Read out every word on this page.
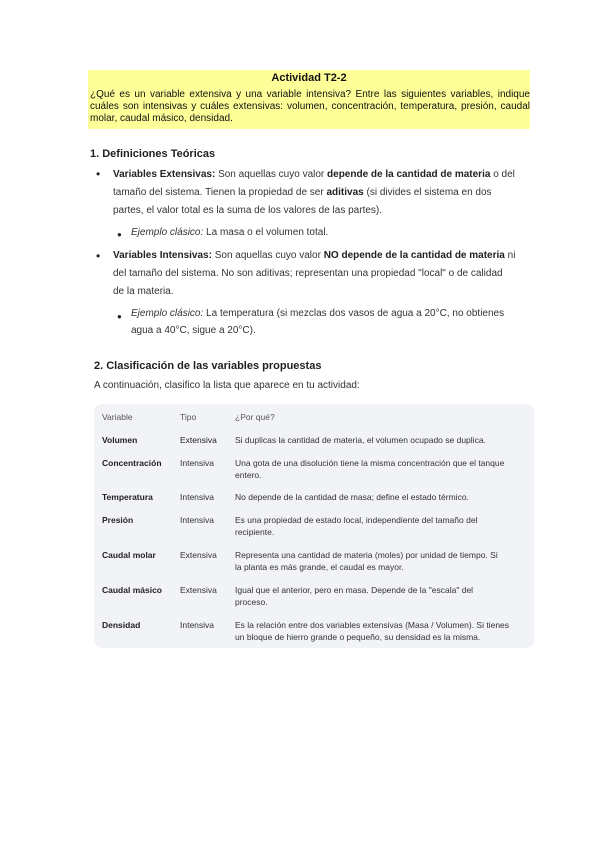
Actividad T2-2
¿Qué es un variable extensiva y una variable intensiva? Entre las siguientes variables, indique cuáles son intensivas y cuáles extensivas: volumen, concentración, temperatura, presión, caudal molar, caudal másico, densidad.
1. Definiciones Teóricas
• Variables Extensivas: Son aquellas cuyo valor depende de la cantidad de materia o del
tamaño del sistema. Tienen la propiedad de ser aditivas (si divides el sistema en dos
partes, el valor total es la suma de los valores de las partes).
● Ejemplo clásico: La masa o el volumen total.
• Variables Intensivas: Son aquellas cuyo valor NO depende de la cantidad de materia ni
del tamaño del sistema. No son aditivas; representan una propiedad "local" o de calidad
de la materia.
● Ejemplo clásico: La temperatura (si mezclas dos vasos de agua a 20°C, no obtienes
agua a 40°C, sigue a 20°C).
2. Clasificación de las variables propuestas
A continuación, clasifico la lista que aparece en tu actividad:
Variable	Tipo	¿Por qué?
Volumen	Extensiva Si duplicas la cantidad de materia, el volumen ocupado se duplica.
Concentración Intensiva Una gota de una disolución tiene la misma concentración que el tanque
entero.
Temperatura	Intensiva No depende de la cantidad de masa; define el estado térmico.
Presión	Intensiva Es una propiedad de estado local, independiente del tamaño del
recipiente.
Caudal molar	Extensiva Representa una cantidad de materia (moles) por unidad de tiempo. Si
la planta es más grande, el caudal es mayor.
Caudal másico Extensiva Igual que el anterior, pero en masa. Depende de la "escala" del
proceso.
Densidad	Intensiva Es la relación entre dos variables extensivas (Masa / Volumen). Si tienes
un bloque de hierro grande o pequeño, su densidad es la misma.
